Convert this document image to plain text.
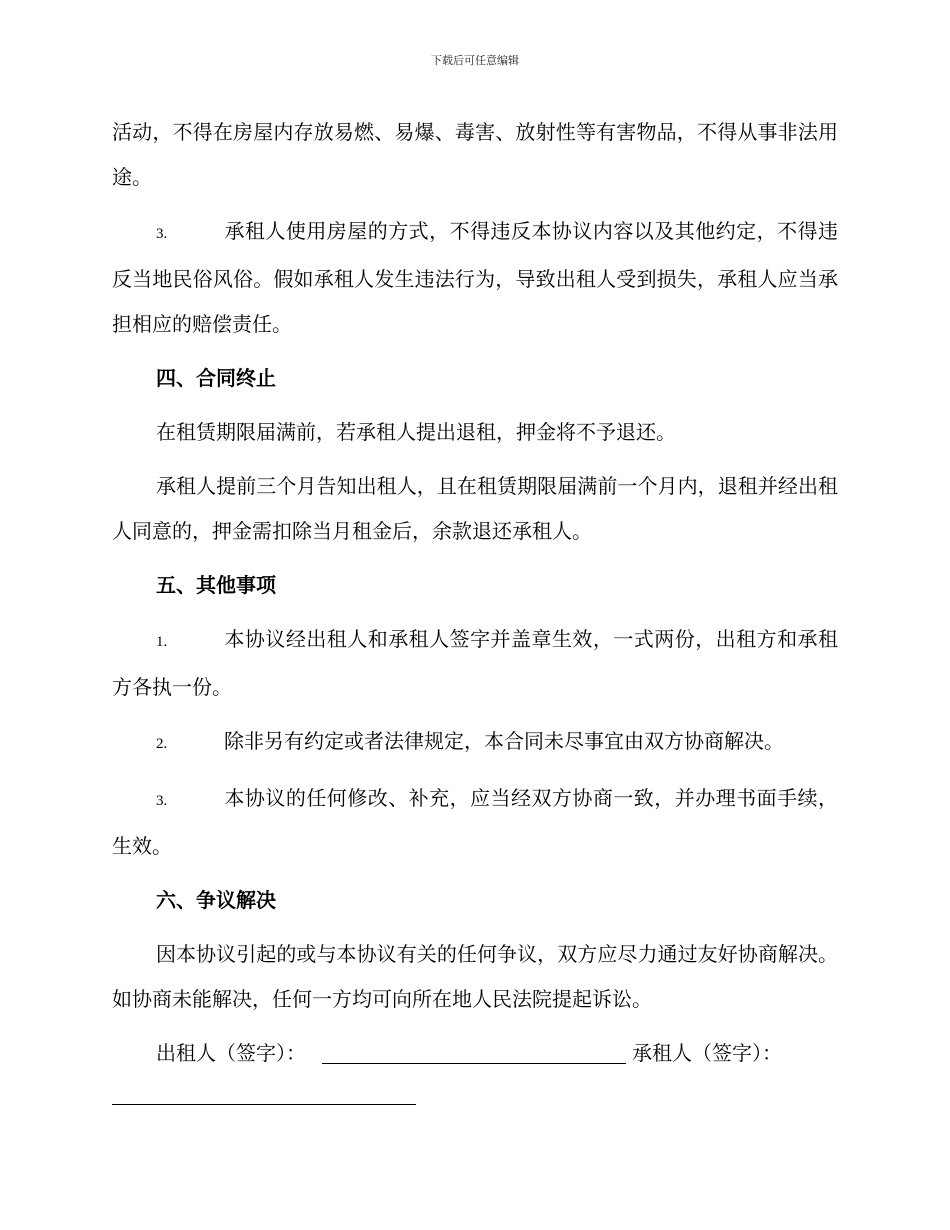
下载后可任意编辑

活动，不得在房屋内存放易燃、易爆、毒害、放射性等有害物品，不得从事非法用途。

3.	承租人使用房屋的方式，不得违反本协议内容以及其他约定，不得违反当地民俗风俗。假如承租人发生违法行为，导致出租人受到损失，承租人应当承担相应的赔偿责任。

四、合同终止

在租赁期限届满前，若承租人提出退租，押金将不予退还。

承租人提前三个月告知出租人，且在租赁期限届满前一个月内，退租并经出租人同意的，押金需扣除当月租金后，余款退还承租人。

五、其他事项

1.	本协议经出租人和承租人签字并盖章生效，一式两份，出租方和承租方各执一份。

2.	除非另有约定或者法律规定，本合同未尽事宜由双方协商解决。

3.	本协议的任何修改、补充，应当经双方协商一致，并办理书面手续，生效。

六、争议解决

因本协议引起的或与本协议有关的任何争议，双方应尽力通过友好协商解决。如协商未能解决，任何一方均可向所在地人民法院提起诉讼。

出租人（签字）：	承租人（签字）：
